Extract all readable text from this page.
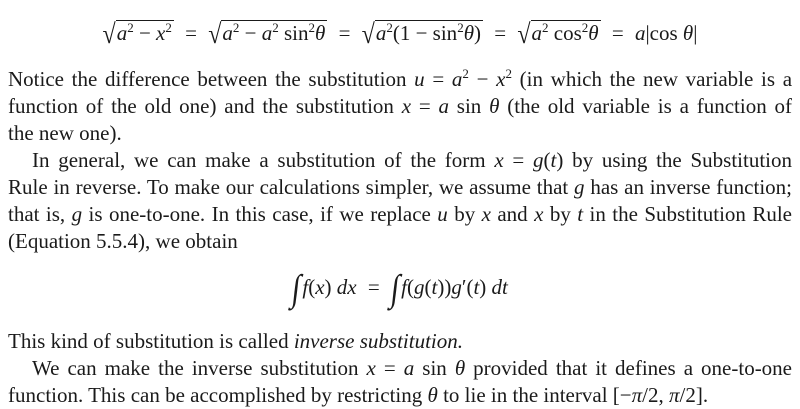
$√a^2 - x^2 = √a^2 - a^2$ $\sin^2\theta = √a^2(1 - \sin^2\theta) = √a^2$ $\cos^2\theta = a|\cos$ θ|
Notice the difference between the substitution $u = a^2 - x^2$ (in which the new variable is a
function of the old one) and the substitution x = a sin θ (the old variable is a function of
the new one).
In general, we can make a substitution of the form x = g(t) by using the Substitution
Rule in reverse. To make our calculations simpler, we assume that g has an inverse function;
that is, g is one-to-one. In this case, if we replace u by x and x by t in the Substitution Rule
(Equation 5.5.4), we obtain
∫f(x) dx = ∫f(g(t))g′(t) dt
This kind of substitution is called inverse substitution.
We can make the inverse substitution x = a sin θ provided that it defines a one-to-one
function. This can be accomplished by restricting θ to lie in the interval [−π/2, π/2].
